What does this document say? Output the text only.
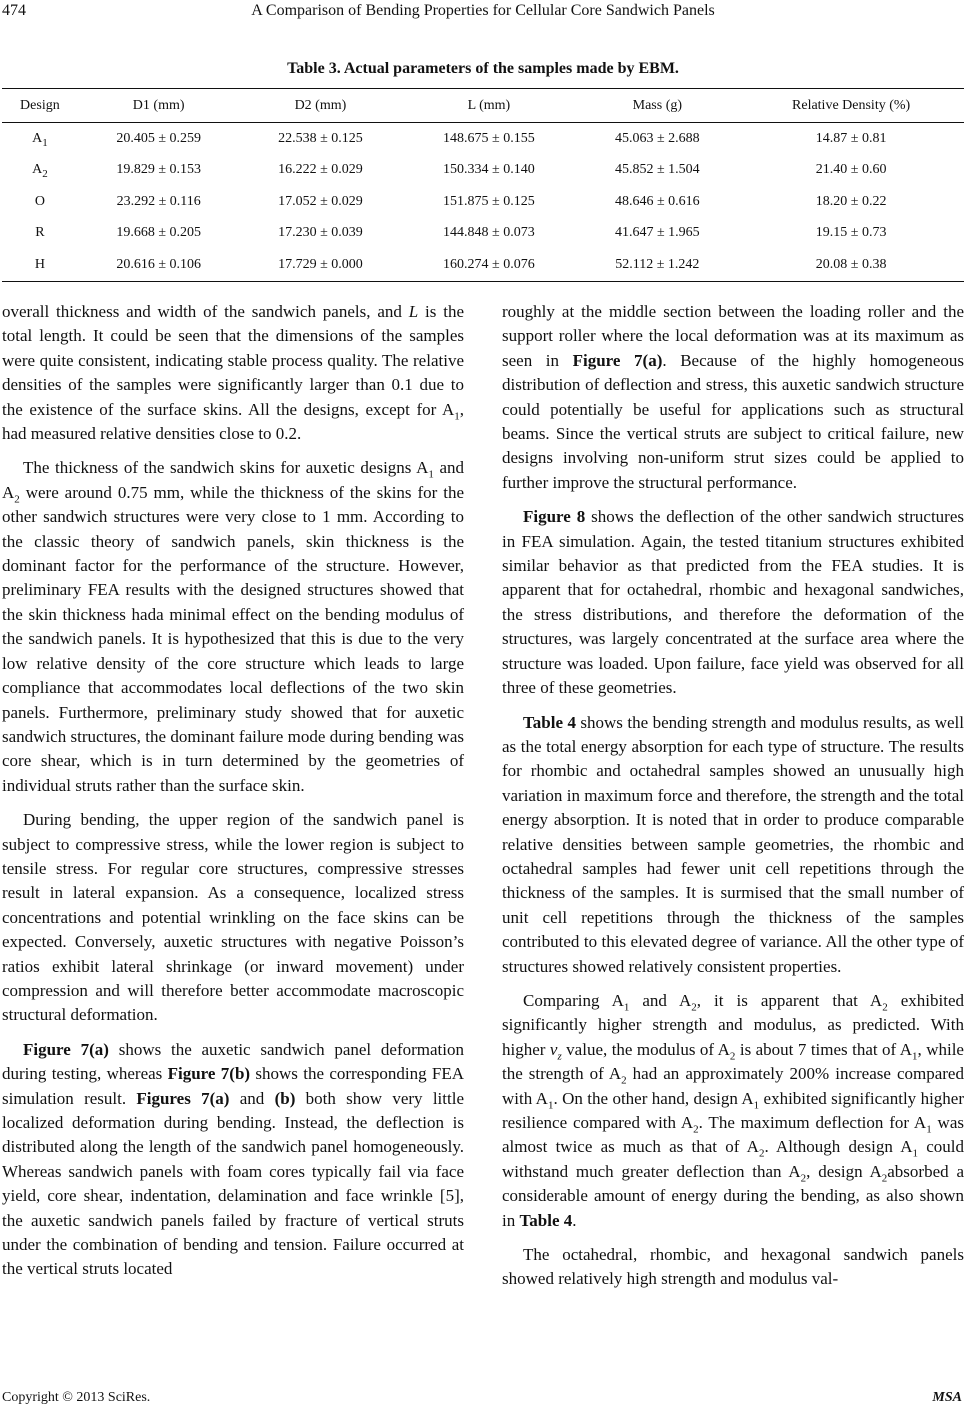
474	A Comparison of Bending Properties for Cellular Core Sandwich Panels
Table 3. Actual parameters of the samples made by EBM.
Design	D1 (mm)	D2 (mm)	L (mm)	Mass (g)	Relative Density (%)
$A_1$	20.405 ± 0.259	22.538 ± 0.125	148.675 ± 0.155	45.063 ± 2.688	14.87 ± 0.81
$A_2$	19.829 ± 0.153	16.222 ± 0.029	150.334 ± 0.140	45.852 ± 1.504	21.40 ± 0.60
O	23.292 ± 0.116	17.052 ± 0.029	151.875 ± 0.125	48.646 ± 0.616	18.20 ± 0.22
R	19.668 ± 0.205	17.230 ± 0.039	144.848 ± 0.073	41.647 ± 1.965	19.15 ± 0.73
H	20.616 ± 0.106	17.729 ± 0.000	160.274 ± 0.076	52.112 ± 1.242	20.08 ± 0.38

overall thickness and width of the sandwich panels, and L is the total length. It could be seen that the dimensions of the samples were quite consistent, indicating stable process quality. The relative densities of the samples were significantly larger than 0.1 due to the existence of the surface skins. All the designs, except for $A_1$, had measured relative densities close to 0.2.

The thickness of the sandwich skins for auxetic designs $A_1$ and $A_2$ were around 0.75 mm, while the thickness of the skins for the other sandwich structures were very close to 1 mm. According to the classic theory of sandwich panels, skin thickness is the dominant factor for the performance of the structure. However, preliminary FEA results with the designed structures showed that the skin thickness hada minimal effect on the bending modulus of the sandwich panels. It is hypothesized that this is due to the very low relative density of the core structure which leads to large compliance that accommodates local deflections of the two skin panels. Furthermore, preliminary study showed that for auxetic sandwich structures, the dominant failure mode during bending was core shear, which is in turn determined by the geometries of individual struts rather than the surface skin.

During bending, the upper region of the sandwich panel is subject to compressive stress, while the lower region is subject to tensile stress. For regular core structures, compressive stresses result in lateral expansion. As a consequence, localized stress concentrations and potential wrinkling on the face skins can be expected. Conversely, auxetic structures with negative Poisson’s ratios exhibit lateral shrinkage (or inward movement) under compression and will therefore better accommodate macroscopic structural deformation.

Figure 7(a) shows the auxetic sandwich panel deformation during testing, whereas Figure 7(b) shows the corresponding FEA simulation result. Figures 7(a) and (b) both show very little localized deformation during bending. Instead, the deflection is distributed along the length of the sandwich panel homogeneously. Whereas sandwich panels with foam cores typically fail via face yield, core shear, indentation, delamination and face wrinkle [5], the auxetic sandwich panels failed by fracture of vertical struts under the combination of bending and tension. Failure occurred at the vertical struts located

roughly at the middle section between the loading roller and the support roller where the local deformation was at its maximum as seen in Figure 7(a). Because of the highly homogeneous distribution of deflection and stress, this auxetic sandwich structure could potentially be useful for applications such as structural beams. Since the vertical struts are subject to critical failure, new designs involving non-uniform strut sizes could be applied to further improve the structural performance.

Figure 8 shows the deflection of the other sandwich structures in FEA simulation. Again, the tested titanium structures exhibited similar behavior as that predicted from the FEA studies. It is apparent that for octahedral, rhombic and hexagonal sandwiches, the stress distributions, and therefore the deformation of the structures, was largely concentrated at the surface area where the structure was loaded. Upon failure, face yield was observed for all three of these geometries.

Table 4 shows the bending strength and modulus results, as well as the total energy absorption for each type of structure. The results for rhombic and octahedral samples showed an unusually high variation in maximum force and therefore, the strength and the total energy absorption. It is noted that in order to produce comparable relative densities between sample geometries, the rhombic and octahedral samples had fewer unit cell repetitions through the thickness of the samples. It is surmised that the small number of unit cell repetitions through the thickness of the samples contributed to this elevated degree of variance. All the other type of structures showed relatively consistent properties.

Comparing $A_1$ and $A_2$, it is apparent that $A_2$ exhibited significantly higher strength and modulus, as predicted. With higher $v_z$ value, the modulus of $A_2$ is about 7 times that of $A_1$, while the strength of $A_2$ had an approximately 200% increase compared with $A_1$. On the other hand, design $A_1$ exhibited significantly higher resilience compared with $A_2$. The maximum deflection for $A_1$ was almost twice as much as that of $A_2$. Although design $A_1$ could withstand much greater deflection than $A_2$, design $A_2absorbed$ a considerable amount of energy during the bending, as also shown in Table 4.

The octahedral, rhombic, and hexagonal sandwich panels showed relatively high strength and modulus val-

Copyright © 2013 SciRes.	MSA
